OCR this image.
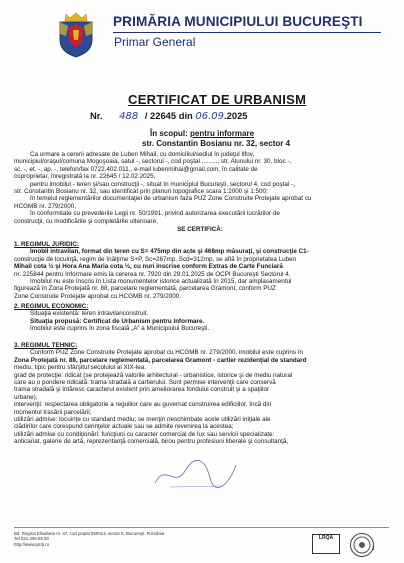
PRIMĂRIA MUNICIPIULUI BUCUREŞTI
Primar General
CERTIFICAT DE URBANISM
Nr. 488 / 22645 din 06.09.2025
În scopul: pentru informare
str. Constantin Bosianu nr. 32, sector 4

Ca urmare a cererii adresate de Luben Mihail, cu domiciliul/sediul în judeţul Ilfov,

municipiul/oraşul/comuna Mogoşoaia, satul -, sectorul -, cod poştal ........., str. Alunului nr. 30, bloc -,

sc. -, et. -, ap. -, telefon/fax 0722.402.011., e-mail lubenmihai@gmail.com, în calitate de

coproprietar, înregistrată la nr. 22645 / 12.02.2025,

pentru imobilul - teren şi/sau construcţii -, situat în municipiul Bucureşti, sectorul 4, cod poştal -,

str. Constantin Bosianu nr. 32, sau identificat prin planuri topografice scara 1:2000 şi 1:500;

în temeiul reglementărilor documentaţiei de urbanism faza PUZ Zone Construite Protejate aprobat cu

HCGMB nr. 279/2000,

în conformitate cu prevederile Legii nr. 50/1991, privind autorizarea executării lucrărilor de

construcţii, cu modificările şi completările ulterioare,

SE CERTIFICĂ:

1. REGIMUL JURIDIC:

Imobil intravilan, format din teren cu S= 475mp din acte şi 468mp măsuraţi, şi construcţie C1-

construcţie de locuinţă, regim de înălţime S+P, Sc=267mp, Scd=312mp, se află în proprietatea Luben

Mihail cota ½ şi Hora Ana Maria cota ½, cu nuri înscrise conform Extras de Carte Funciară

nr. 225844 pentru Informare emis la cererea nr. 7920 din 29.01.2025 de OCPI Bucureşti Sectorul 4.

Imobilul nu este înscris în Lista monumentelor istorice actualizată în 2015, dar amplasamentul

figurează în Zona Protejată nr. 88, parcelare reglementată, parcelarea Gramont, conform PUZ

Zone Construite Protejate aprobat cu HCGMB nr. 279/2000.

2. REGIMUL ECONOMIC:

Situaţia existentă: teren intravilanconstruit.

Situaţia propusă: Certificat de Urbanism pentru Informare.

Imobilul este cuprins în zona fiscală „A” a Municipiului Bucureşti.

3. REGIMUL TEHNIC:

Conform PUZ Zone Construite Protejate aprobat cu HCGMB nr. 279/2000, imobilul este cuprins în

Zona Protejată nr. 88, parcelare reglementată, parcelarea Gramont - cartier rezidenţial de standard

mediu, tipic pentru sfârşitul secolului al XIX-lea.

grad de protecţie: ridicat (se protejează valorile arhitectural - urbanistice, istorice şi de mediu natural

care au o pondere ridicată: trama stradală a cartierului. Sunt permise intervenţii care conservă

trama stradală şi întăresc caracterul existent prin ameliorarea fondului construit şi a spaţiilor

urbane);

intervenţii: respectarea obligatorie a regulilor care au guvernat construirea edificiilor, încă din

momentul trasării parcelării;

utilizări admise: locuinţe cu standard mediu; se menţin neschimbate acele utilizări iniţiale ale

clădirilor care corespund cerinţelor actuale sau se admite revenirea la acestea;

utilizări admise cu condiţionări: funcţiuni cu caracter comercial de lux sau servicii specializate:

anticariat, galerie de artă, reprezentanţă comercială, birou pentru profesiuni liberale şi consultanţă,

Bd. Regina Elisabeta nr. 47, cod poştal 050013, sector 5, Bucureşti, România
Tel 021.305.55.00
http://www.pmb.ro
LRQA
1
